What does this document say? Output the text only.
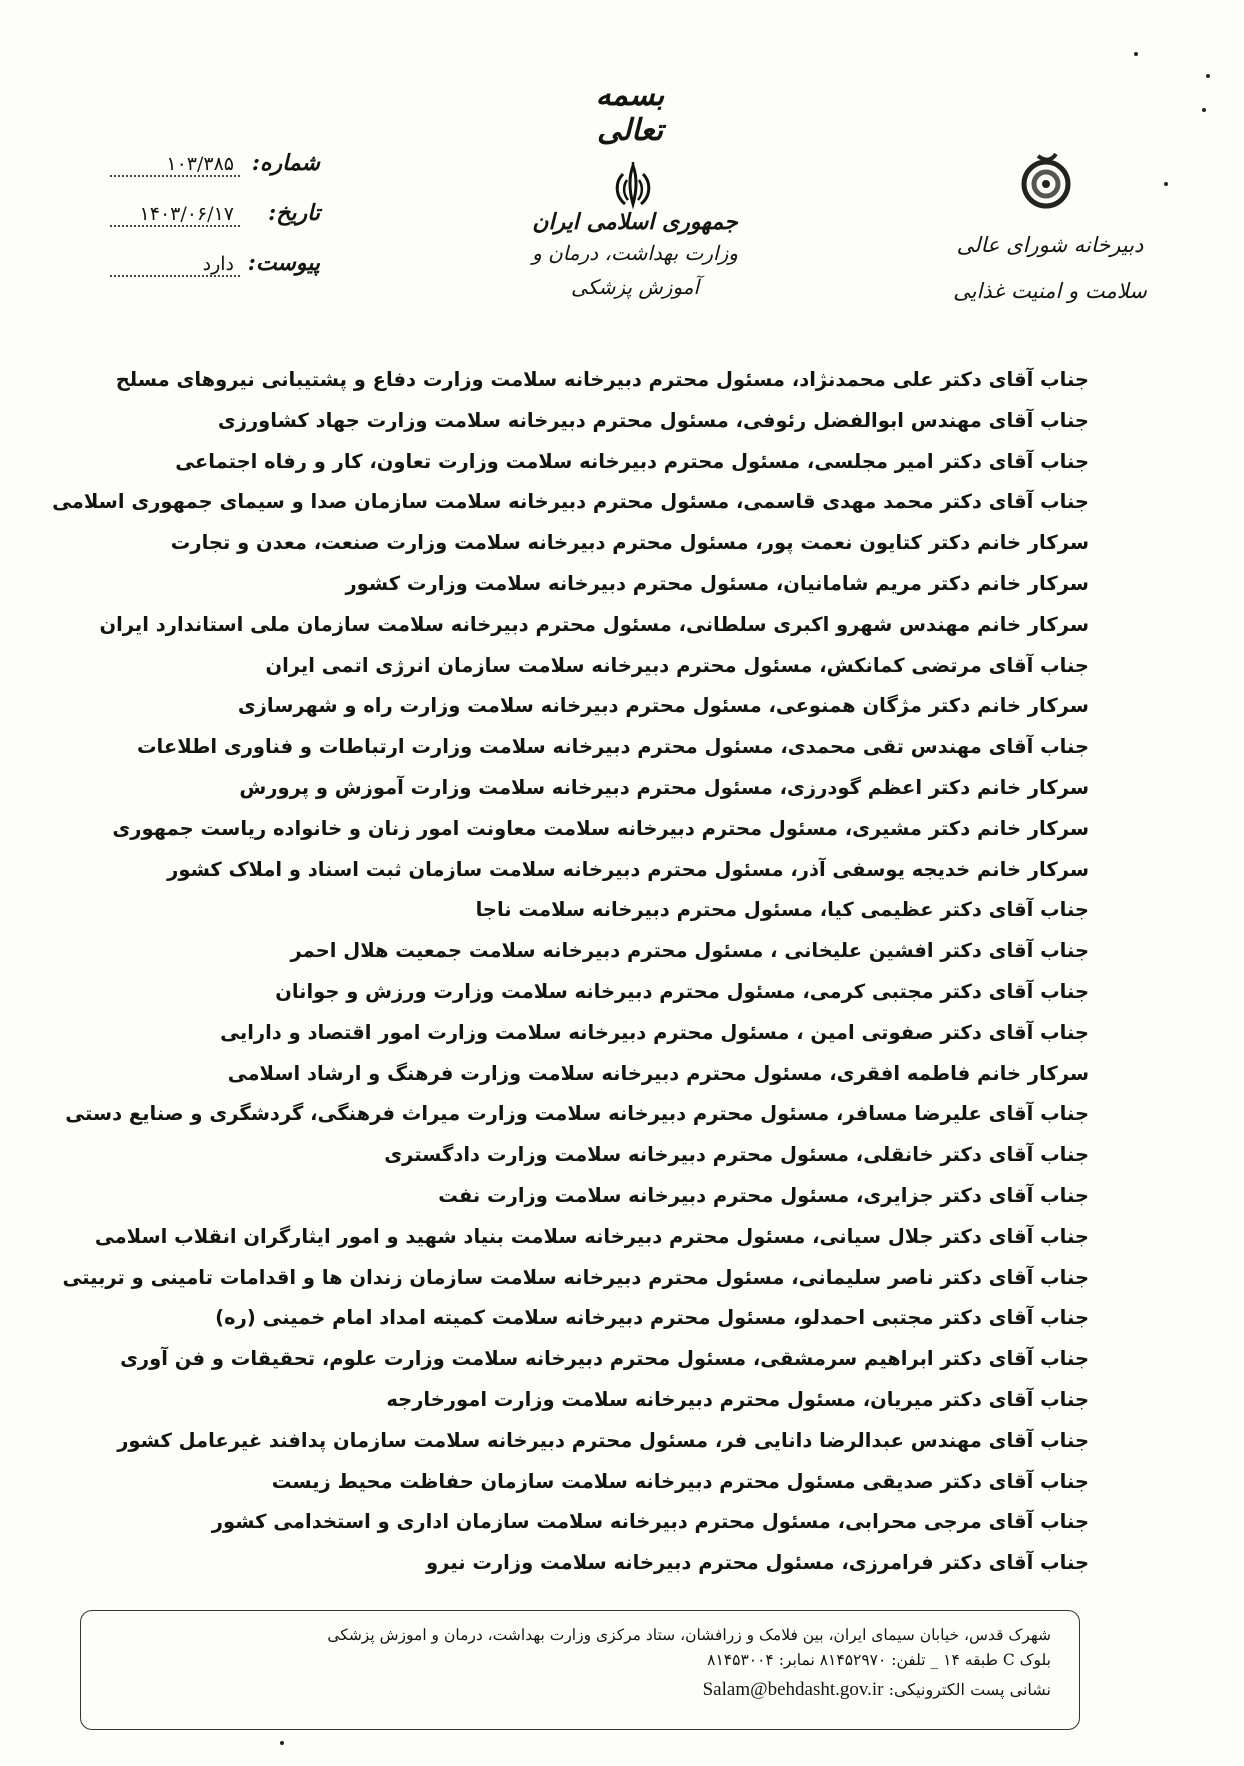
بسمه تعالی
جمهوری اسلامی ایران
وزارت بهداشت، درمان و آموزش پزشکی
دبیرخانه شورای عالی
سلامت و امنیت غذایی
شماره:
۱۰۳/۳۸۵
تاریخ:
۱۴۰۳/۰۶/۱۷
پیوست:
دارد
جناب آقای دکتر علی محمدنژاد، مسئول محترم دبیرخانه سلامت وزارت دفاع و پشتیبانی نیروهای مسلح
جناب آقای مهندس ابوالفضل رئوفی، مسئول محترم دبیرخانه سلامت وزارت جهاد کشاورزی
جناب آقای دکتر امیر مجلسی، مسئول محترم دبیرخانه سلامت وزارت تعاون، کار و رفاه اجتماعی
جناب آقای دکتر محمد مهدی قاسمی، مسئول محترم دبیرخانه سلامت سازمان صدا و سیمای جمهوری اسلامی
سرکار خانم دکتر کتایون نعمت پور، مسئول محترم دبیرخانه سلامت وزارت صنعت، معدن و تجارت
سرکار خانم دکتر مریم شامانیان، مسئول محترم دبیرخانه سلامت وزارت کشور
سرکار خانم مهندس شهرو اکبری سلطانی، مسئول محترم دبیرخانه سلامت سازمان ملی استاندارد ایران
جناب آقای مرتضی کمانکش، مسئول محترم دبیرخانه سلامت سازمان انرژی اتمی ایران
سرکار خانم دکتر مژگان همنوعی، مسئول محترم دبیرخانه سلامت وزارت راه و شهرسازی
جناب آقای مهندس تقی محمدی، مسئول محترم دبیرخانه سلامت وزارت ارتباطات و فناوری اطلاعات
سرکار خانم دکتر اعظم گودرزی، مسئول محترم دبیرخانه سلامت وزارت آموزش و پرورش
سرکار خانم دکتر مشیری، مسئول محترم دبیرخانه سلامت معاونت امور زنان و خانواده ریاست جمهوری
سرکار خانم خدیجه یوسفی آذر، مسئول محترم دبیرخانه سلامت سازمان ثبت اسناد و املاک کشور
جناب آقای دکتر عظیمی کیا، مسئول محترم دبیرخانه سلامت ناجا
جناب آقای دکتر افشین علیخانی ، مسئول محترم دبیرخانه سلامت جمعیت هلال احمر
جناب آقای دکتر مجتبی کرمی، مسئول محترم دبیرخانه سلامت وزارت ورزش و جوانان
جناب آقای دکتر صفوتی امین ، مسئول محترم دبیرخانه سلامت وزارت امور اقتصاد و دارایی
سرکار خانم فاطمه افقری، مسئول محترم دبیرخانه سلامت وزارت فرهنگ و ارشاد اسلامی
جناب آقای علیرضا مسافر، مسئول محترم دبیرخانه سلامت وزارت میراث فرهنگی، گردشگری و صنایع دستی
جناب آقای دکتر خانقلی، مسئول محترم دبیرخانه سلامت وزارت دادگستری
جناب آقای دکتر جزایری، مسئول محترم دبیرخانه سلامت وزارت نفت
جناب آقای دکتر جلال سیانی، مسئول محترم دبیرخانه سلامت بنیاد شهید و امور ایثارگران انقلاب اسلامی
جناب آقای دکتر ناصر سلیمانی، مسئول محترم دبیرخانه سلامت سازمان زندان ها و اقدامات تامینی و تربیتی
جناب آقای دکتر مجتبی احمدلو، مسئول محترم دبیرخانه سلامت کمیته امداد امام خمینی (ره)
جناب آقای دکتر ابراهیم سرمشقی، مسئول محترم دبیرخانه سلامت وزارت علوم، تحقیقات و فن آوری
جناب آقای دکتر میریان، مسئول محترم دبیرخانه سلامت وزارت امورخارجه
جناب آقای مهندس عبدالرضا دانایی فر، مسئول محترم دبیرخانه سلامت سازمان پدافند غیرعامل کشور
جناب آقای دکتر صدیقی مسئول محترم دبیرخانه سلامت سازمان حفاظت محیط زیست
جناب آقای مرجی محرابی، مسئول محترم دبیرخانه سلامت سازمان اداری و استخدامی کشور
جناب آقای دکتر فرامرزی، مسئول محترم دبیرخانه سلامت وزارت نیرو
شهرک قدس، خیابان سیمای ایران، بین فلامک و زرافشان، ستاد مرکزی وزارت بهداشت، درمان و اموزش پزشکی
بلوک C طبقه ۱۴ _ تلفن: ۸۱۴۵۲۹۷۰ نمابر: ۸۱۴۵۳۰۰۴
نشانی پست الکترونیکی: Salam@behdasht.gov.ir
